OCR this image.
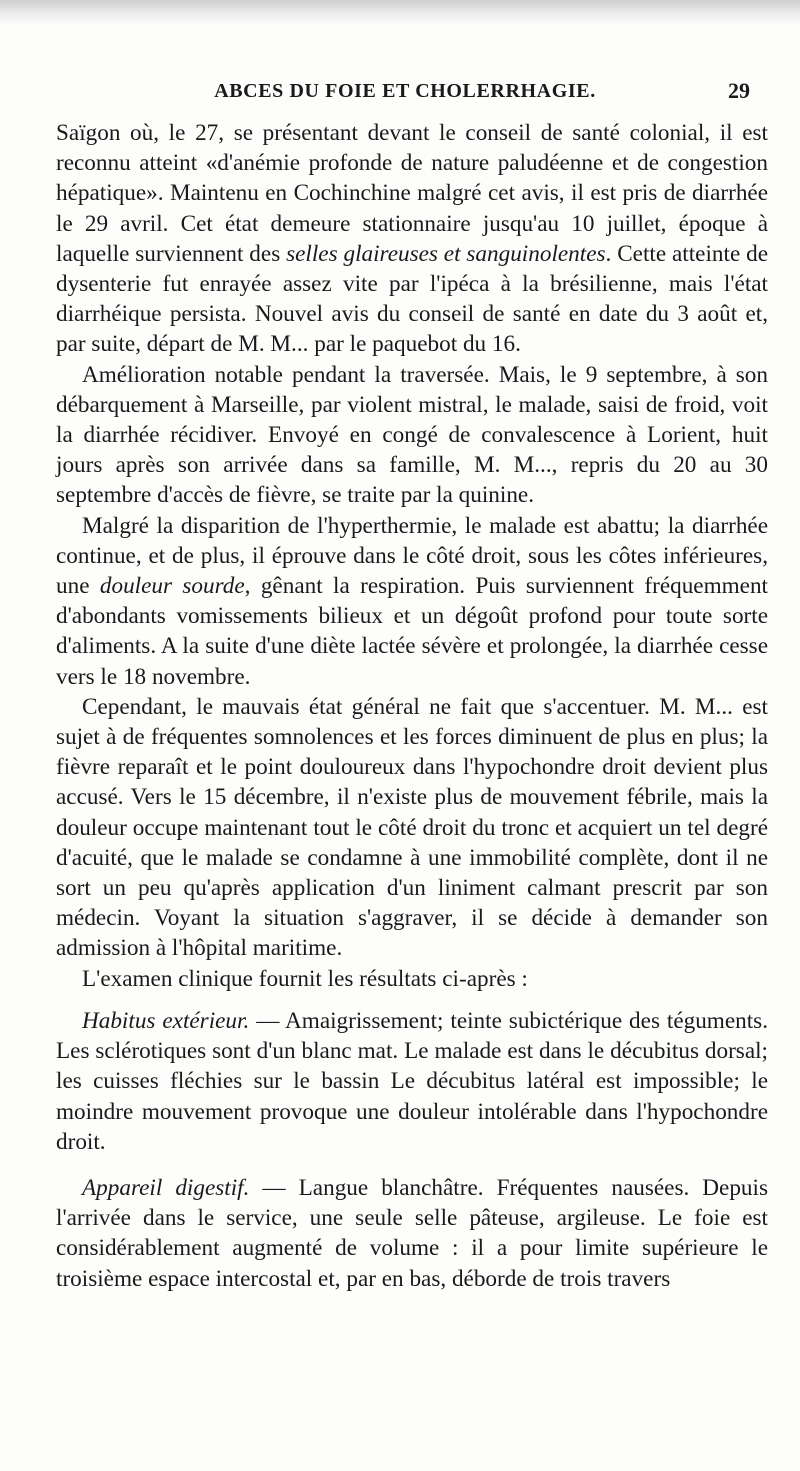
ABCES DU FOIE ET CHOLERRHAGIE.	29

Saïgon où, le 27, se présentant devant le conseil de santé colonial, il est reconnu atteint «d'anémie profonde de nature paludéenne et de congestion hépatique». Maintenu en Cochinchine malgré cet avis, il est pris de diarrhée le 29 avril. Cet état demeure stationnaire jusqu'au 10 juillet, époque à laquelle surviennent des selles glaireuses et sanguinolentes. Cette atteinte de dysenterie fut enrayée assez vite par l'ipéca à la brésilienne, mais l'état diarrhéique persista. Nouvel avis du conseil de santé en date du 3 août et, par suite, départ de M. M... par le paquebot du 16.

Amélioration notable pendant la traversée. Mais, le 9 septembre, à son débarquement à Marseille, par violent mistral, le malade, saisi de froid, voit la diarrhée récidiver. Envoyé en congé de convalescence à Lorient, huit jours après son arrivée dans sa famille, M. M..., repris du 20 au 30 septembre d'accès de fièvre, se traite par la quinine.

Malgré la disparition de l'hyperthermie, le malade est abattu; la diarrhée continue, et de plus, il éprouve dans le côté droit, sous les côtes inférieures, une douleur sourde, gênant la respiration. Puis surviennent fréquemment d'abondants vomissements bilieux et un dégoût profond pour toute sorte d'aliments. A la suite d'une diète lactée sévère et prolongée, la diarrhée cesse vers le 18 novembre.

Cependant, le mauvais état général ne fait que s'accentuer. M. M... est sujet à de fréquentes somnolences et les forces diminuent de plus en plus; la fièvre reparaît et le point douloureux dans l'hypochondre droit devient plus accusé. Vers le 15 décembre, il n'existe plus de mouvement fébrile, mais la douleur occupe maintenant tout le côté droit du tronc et acquiert un tel degré d'acuité, que le malade se condamne à une immobilité complète, dont il ne sort un peu qu'après application d'un liniment calmant prescrit par son médecin. Voyant la situation s'aggraver, il se décide à demander son admission à l'hôpital maritime.

L'examen clinique fournit les résultats ci-après :

Habitus extérieur. — Amaigrissement; teinte subictérique des téguments. Les sclérotiques sont d'un blanc mat. Le malade est dans le décubitus dorsal; les cuisses fléchies sur le bassin Le décubitus latéral est impossible; le moindre mouvement provoque une douleur intolérable dans l'hypochondre droit.

Appareil digestif. — Langue blanchâtre. Fréquentes nausées. Depuis l'arrivée dans le service, une seule selle pâteuse, argileuse. Le foie est considérablement augmenté de volume : il a pour limite supérieure le troisième espace intercostal et, par en bas, déborde de trois travers
